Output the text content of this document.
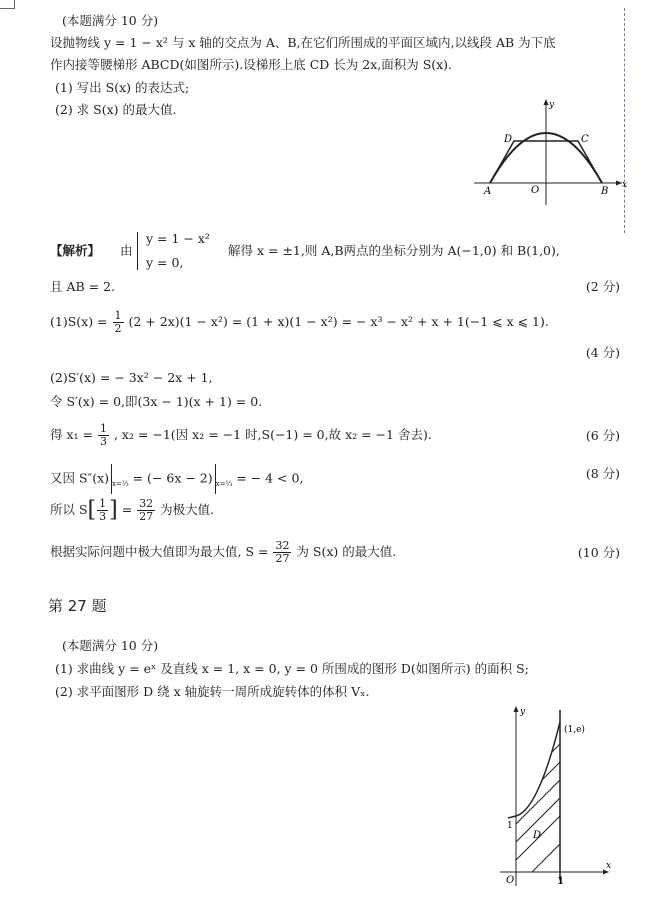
(本题满分 10 分)
设抛物线 y = 1 − x² 与 x 轴的交点为 A、B,在它们所围成的平面区域内,以线段 AB 为下底
作内接等腰梯形 ABCD(如图所示).设梯形上底 CD 长为 2x,面积为 S(x).
(1) 写出 S(x) 的表达式;
(2) 求 S(x) 的最大值.
D	C
A	O	B
x
y
【解析】 由
y = 1 − x²
y = 0,
解得 x = ±1,则 A,B两点的坐标分别为 A(−1,0) 和 B(1,0),
且 AB = 2.	(2 分)
$(1)S(x) = \frac{1}{2} (2 + 2x)(1 - x^2) = (1 + x)(1 - x^2)$ = − x³ − x² + x + 1(−1 ⩽ x ⩽ 1).
(4 分)
(2)S′(x) = − 3x² − 2x + 1,
令 S′(x) = 0,即(3x − 1)(x + 1) = 0.
得 $x_1 = \frac{1}{3}$ , x₂ = −1(因 x₂ = −1 时,S(−1) = 0,故 x₂ = −1 舍去).	(6 分)
又因 S″(x) $_{x=\frac{1}{3}}$ = (− 6x − 2) $_{x=\frac{1}{3}}$ = − 4 < 0,	(8 分)
所以 $S[ \frac{1}{3}$ ] = $\frac{32}{27}$ 为极大值.
根据实际问题中极大值即为最大值, $S = \frac{32}{27}$ 为 S(x) 的最大值.	(10 分)
第 27 题
(本题满分 10 分)
(1) 求曲线 y = eˣ 及直线 x = 1, x = 0, y = 0 所围成的图形 D(如图所示) 的面积 S;
(2) 求平面图形 D 绕 x 轴旋转一周所成旋转体的体积 Vₓ.
(1,e)
1
D
O	1
x
y
